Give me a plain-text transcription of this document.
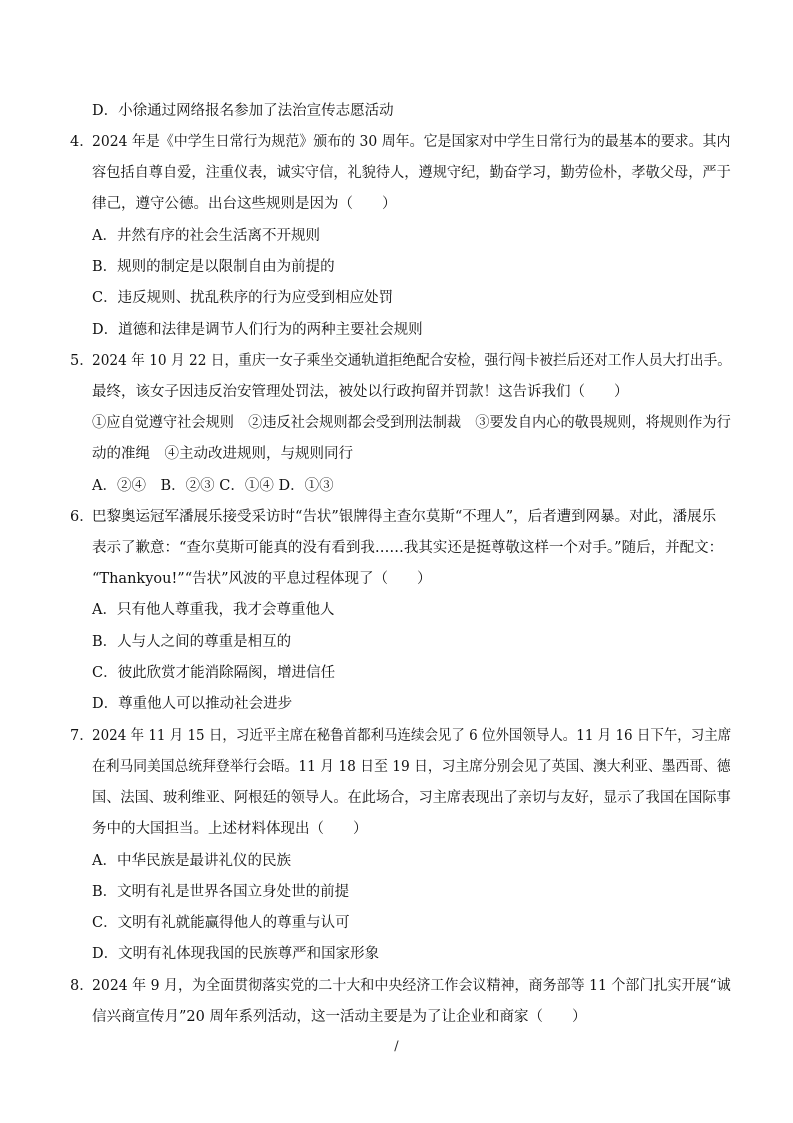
D．小徐通过网络报名参加了法治宣传志愿活动
4．
2024 年是《中学生日常行为规范》颁布的 30 周年。它是国家对中学生日常行为的最基本的要求。其内
容包括自尊自爱，注重仪表，诚实守信，礼貌待人，遵规守纪，勤奋学习，勤劳俭朴，孝敬父母，严于
律己，遵守公德。出台这些规则是因为（　　）
A．井然有序的社会生活离不开规则
B．规则的制定是以限制自由为前提的
C．违反规则、扰乱秩序的行为应受到相应处罚
D．道德和法律是调节人们行为的两种主要社会规则
5．
2024 年 10 月 22 日，重庆一女子乘坐交通轨道拒绝配合安检，强行闯卡被拦后还对工作人员大打出手。
最终，该女子因违反治安管理处罚法，被处以行政拘留并罚款！这告诉我们（　　）
①应自觉遵守社会规则　②违反社会规则都会受到刑法制裁　③要发自内心的敬畏规则，将规则作为行
动的准绳　④主动改进规则，与规则同行
A．②④　B．②③ C．①④ D．①③
6．
巴黎奥运冠军潘展乐接受采访时“告状”银牌得主查尔莫斯“不理人”，后者遭到网暴。对此，潘展乐
表示了歉意：“查尔莫斯可能真的没有看到我……我其实还是挺尊敬这样一个对手。”随后，并配文：
“Thankyou!”“告状”风波的平息过程体现了（　　）
A．只有他人尊重我，我才会尊重他人
B．人与人之间的尊重是相互的
C．彼此欣赏才能消除隔阂，增进信任
D．尊重他人可以推动社会进步
7．
2024 年 11 月 15 日，习近平主席在秘鲁首都利马连续会见了 6 位外国领导人。11 月 16 日下午，习主席
在利马同美国总统拜登举行会晤。11 月 18 日至 19 日，习主席分别会见了英国、澳大利亚、墨西哥、德
国、法国、玻利维亚、阿根廷的领导人。在此场合，习主席表现出了亲切与友好，显示了我国在国际事
务中的大国担当。上述材料体现出（　　）
A．中华民族是最讲礼仪的民族
B．文明有礼是世界各国立身处世的前提
C．文明有礼就能赢得他人的尊重与认可
D．文明有礼体现我国的民族尊严和国家形象
8．
2024 年 9 月，为全面贯彻落实党的二十大和中央经济工作会议精神，商务部等 11 个部门扎实开展“诚
信兴商宣传月”20 周年系列活动，这一活动主要是为了让企业和商家（　　）
/
